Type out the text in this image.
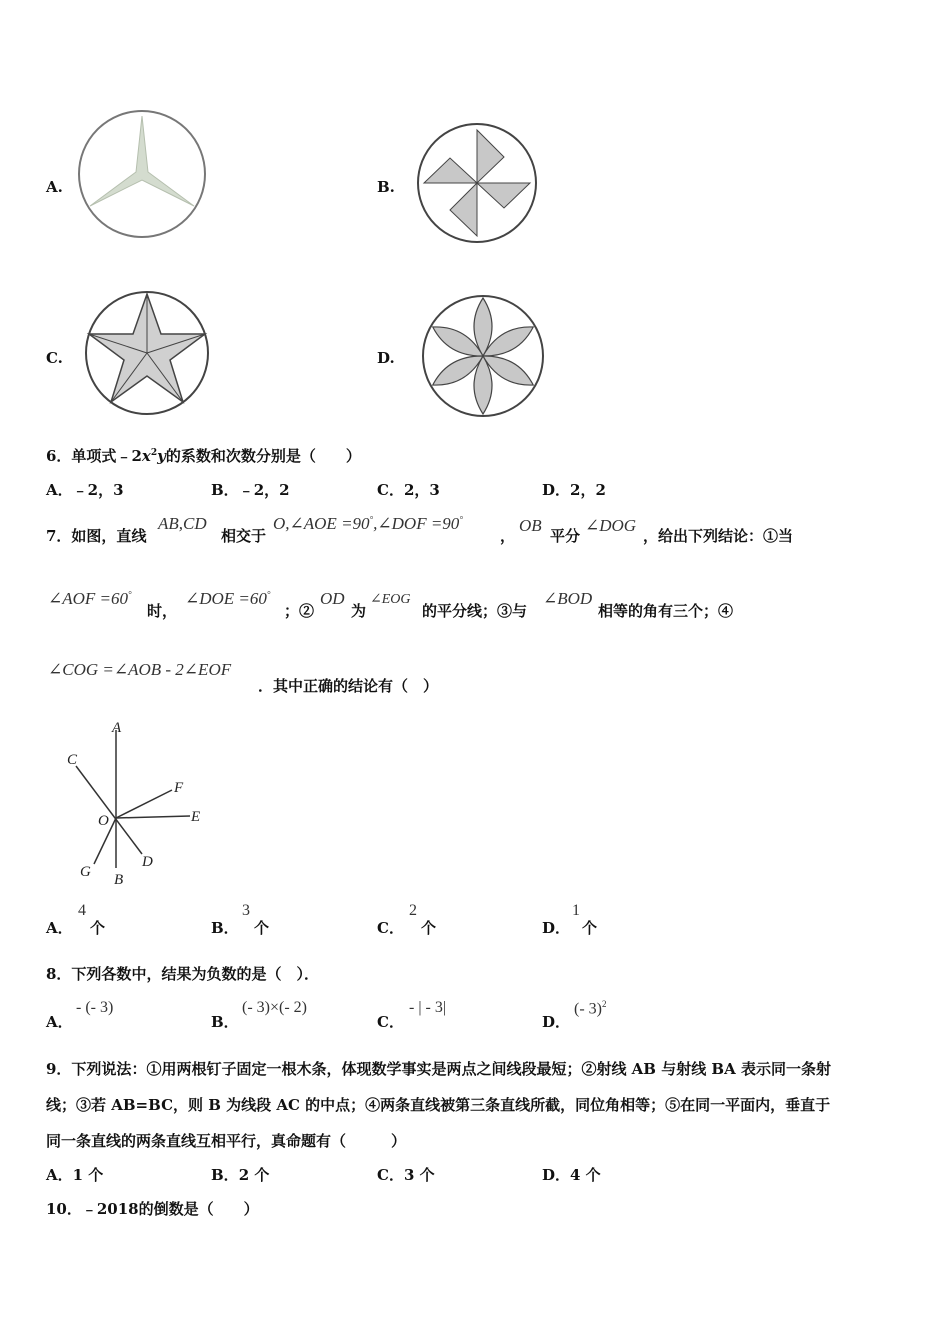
A.	B.
C.	D.
6．单项式$﹣2x^2y$的系数和次数分别是（　　）
A．﹣2，3	B．﹣2，2	C．2，3	D．2，2
7．如图，直线
AB,CD
相交于
O,∠AOE =90°,∠DOF =90°
，
OB
平分
∠DOG
，给出下列结论：①当
∠AOF =60°
时，
∠DOE =60°
；②
OD
为
∠EOG
的平分线；③与
∠BOD
相等的角有三个；④
∠COG =∠AOB - 2∠EOF
．其中正确的结论有（　）
A
C
F
E
O
G B
D
A．
4
个	B．
3
个	C．
2
个	D．
1
个
8．下列各数中，结果为负数的是（　）．
A．
- (- 3)
B．
(- 3)×(- 2)
C．
- | - 3|
D．
(- 3)$^2$
9．下列说法：①用两根钉子固定一根木条，体现数学事实是两点之间线段最短；②射线 AB 与射线 BA 表示同一条射
线；③若 AB=BC，则 B 为线段 AC 的中点；④两条直线被第三条直线所截，同位角相等；⑤在同一平面内，垂直于
同一条直线的两条直线互相平行，真命题有（　　　）
A．1 个	B．2 个	C．3 个	D．4 个
10．﹣2018的倒数是（　　）
